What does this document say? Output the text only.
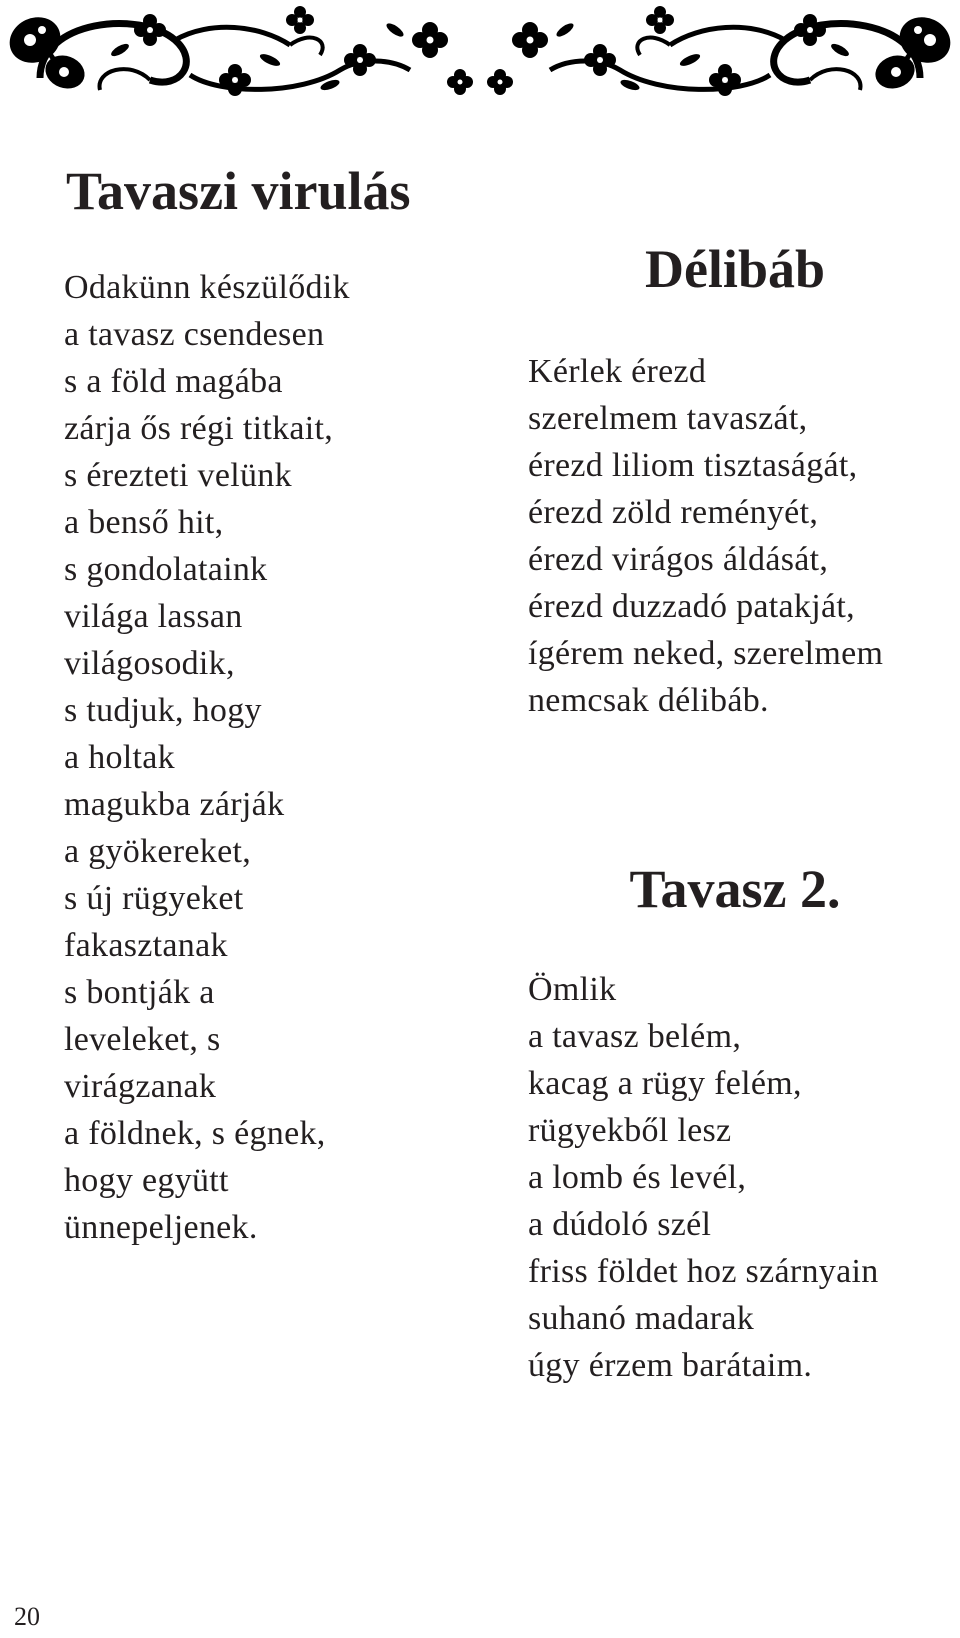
Tavaszi virulás
Odakünn készülődik
a tavasz csendesen
s a föld magába
zárja ős régi titkait,
s érezteti velünk
a benső hit,
s gondolataink
világa lassan
világosodik,
s tudjuk, hogy
a holtak
magukba zárják
a gyökereket,
s új rügyeket
fakasztanak
s bontják a
leveleket, s
virágzanak
a földnek, s égnek,
hogy együtt
ünnepeljenek.
Délibáb
Kérlek érezd
szerelmem tavaszát,
érezd liliom tisztaságát,
érezd zöld reményét,
érezd virágos áldását,
érezd duzzadó patakját,
ígérem neked, szerelmem
nemcsak délibáb.
Tavasz 2.
Ömlik
a tavasz belém,
kacag a rügy felém,
rügyekből lesz
a lomb és levél,
a dúdoló szél
friss földet hoz szárnyain
suhanó madarak
úgy érzem barátaim.
20
